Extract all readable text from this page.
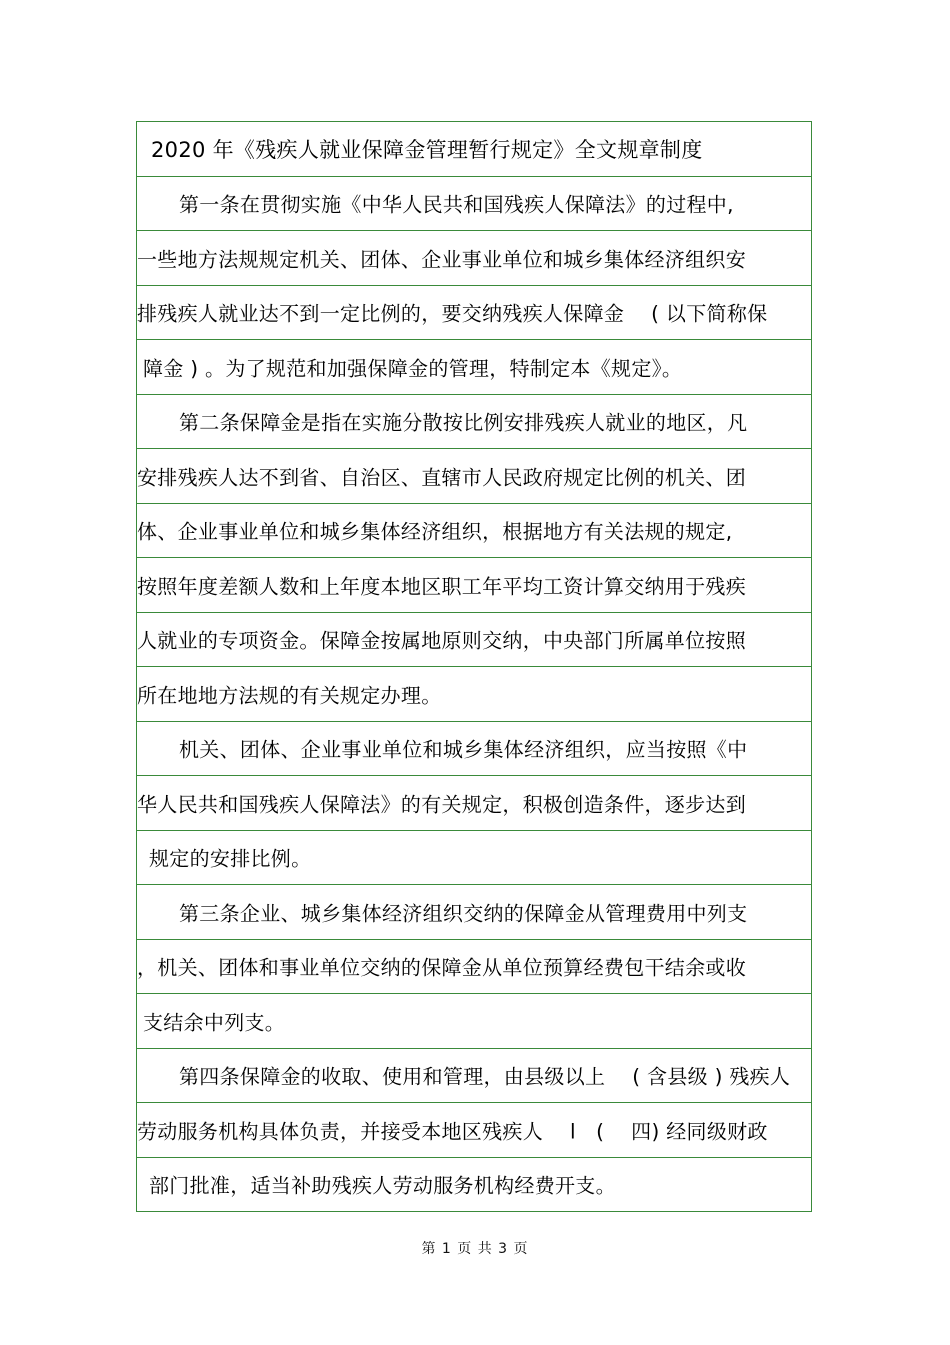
2020 年《残疾人就业保障金管理暂行规定》全文规章制度
第一条在贯彻实施《中华人民共和国残疾人保障法》的过程中,
一些地方法规规定机关、团体、企业事业单位和城乡集体经济组织安
排残疾人就业达不到一定比例的，要交纳残疾人保障金　 ( 以下简称保
障金 ) 。为了规范和加强保障金的管理，特制定本《规定》。
第二条保障金是指在实施分散按比例安排残疾人就业的地区，凡
安排残疾人达不到省、自治区、直辖市人民政府规定比例的机关、团
体、企业事业单位和城乡集体经济组织，根据地方有关法规的规定,
按照年度差额人数和上年度本地区职工年平均工资计算交纳用于残疾
人就业的专项资金。保障金按属地原则交纳，中央部门所属单位按照
所在地地方法规的有关规定办理。
机关、团体、企业事业单位和城乡集体经济组织，应当按照《中
华人民共和国残疾人保障法》的有关规定，积极创造条件，逐步达到
规定的安排比例。
第三条企业、城乡集体经济组织交纳的保障金从管理费用中列支
，机关、团体和事业单位交纳的保障金从单位预算经费包干结余或收
支结余中列支。
第四条保障金的收取、使用和管理，由县级以上　 ( 含县级 ) 残疾人
劳动服务机构具体负责，并接受本地区残疾人　 l　(　 四) 经同级财政
部门批准，适当补助残疾人劳动服务机构经费开支。
第 1 页 共 3 页
